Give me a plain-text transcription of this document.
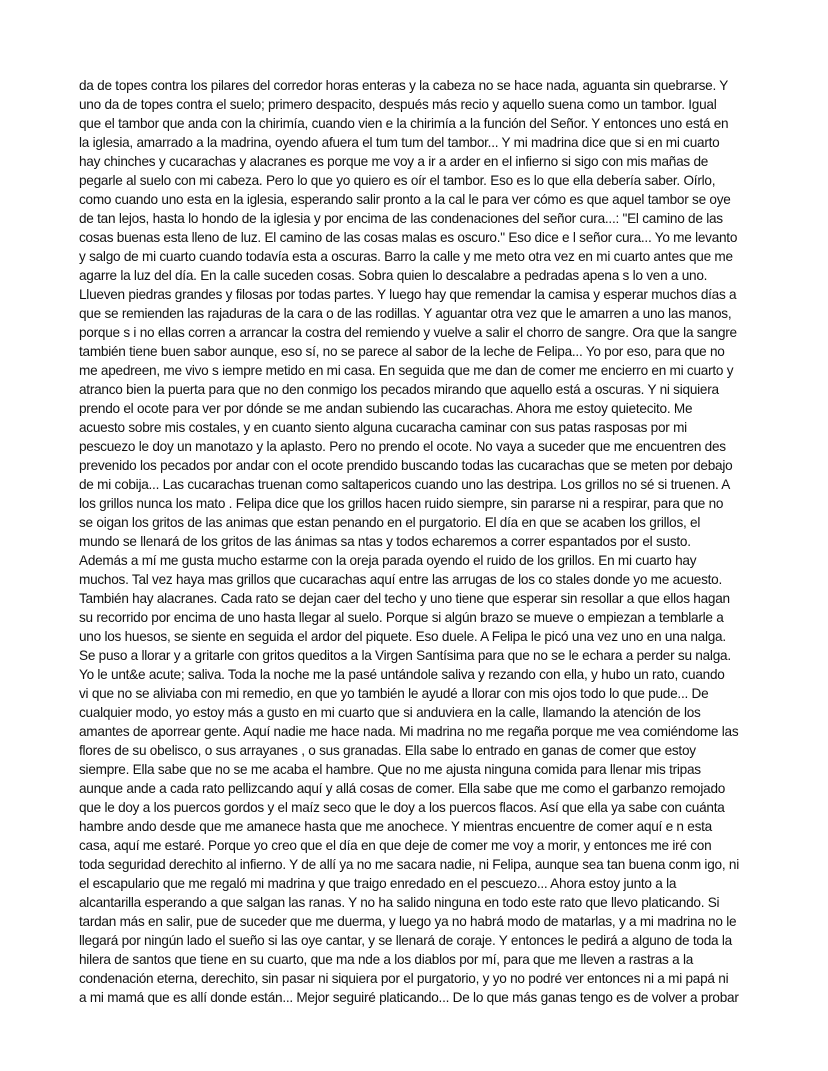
da de topes contra los pilares del corredor horas enteras y la cabeza no se hace nada, aguanta sin quebrarse. Y
uno da de topes contra el suelo; primero despacito, después más recio y aquello suena como un tambor. Igual
que el tambor que anda con la chirimía, cuando vien e la chirimía a la función del Señor. Y entonces uno está en
la iglesia, amarrado a la madrina, oyendo afuera el tum tum del tambor... Y mi madrina dice que si en mi cuarto
hay chinches y cucarachas y alacranes es porque me voy a ir a arder en el infierno si sigo con mis mañas de
pegarle al suelo con mi cabeza. Pero lo que yo quiero es oír el tambor. Eso es lo que ella debería saber. Oírlo,
como cuando uno esta en la iglesia, esperando salir pronto a la cal le para ver cómo es que aquel tambor se oye
de tan lejos, hasta lo hondo de la iglesia y por encima de las condenaciones del señor cura...: "El camino de las
cosas buenas esta lleno de luz. El camino de las cosas malas es oscuro." Eso dice e l señor cura... Yo me levanto
y salgo de mi cuarto cuando todavía esta a oscuras. Barro la calle y me meto otra vez en mi cuarto antes que me
agarre la luz del día. En la calle suceden cosas. Sobra quien lo descalabre a pedradas apena s lo ven a uno.
Llueven piedras grandes y filosas por todas partes. Y luego hay que remendar la camisa y esperar muchos días a
que se remienden las rajaduras de la cara o de las rodillas. Y aguantar otra vez que le amarren a uno las manos,
porque s i no ellas corren a arrancar la costra del remiendo y vuelve a salir el chorro de sangre. Ora que la sangre
también tiene buen sabor aunque, eso sí, no se parece al sabor de la leche de Felipa... Yo por eso, para que no
me apedreen, me vivo s iempre metido en mi casa. En seguida que me dan de comer me encierro en mi cuarto y
atranco bien la puerta para que no den conmigo los pecados mirando que aquello está a oscuras. Y ni siquiera
prendo el ocote para ver por dónde se me andan subiendo las cucarachas. Ahora me estoy quietecito. Me
acuesto sobre mis costales, y en cuanto siento alguna cucaracha caminar con sus patas rasposas por mi
pescuezo le doy un manotazo y la aplasto. Pero no prendo el ocote. No vaya a suceder que me encuentren des
prevenido los pecados por andar con el ocote prendido buscando todas las cucarachas que se meten por debajo
de mi cobija... Las cucarachas truenan como saltapericos cuando uno las destripa. Los grillos no sé si truenen. A
los grillos nunca los mato . Felipa dice que los grillos hacen ruido siempre, sin pararse ni a respirar, para que no
se oigan los gritos de las animas que estan penando en el purgatorio. El día en que se acaben los grillos, el
mundo se llenará de los gritos de las ánimas sa ntas y todos echaremos a correr espantados por el susto.
Además a mí me gusta mucho estarme con la oreja parada oyendo el ruido de los grillos. En mi cuarto hay
muchos. Tal vez haya mas grillos que cucarachas aquí entre las arrugas de los co stales donde yo me acuesto.
También hay alacranes. Cada rato se dejan caer del techo y uno tiene que esperar sin resollar a que ellos hagan
su recorrido por encima de uno hasta llegar al suelo. Porque si algún brazo se mueve o empiezan a temblarle a
uno los huesos, se siente en seguida el ardor del piquete. Eso duele. A Felipa le picó una vez uno en una nalga.
Se puso a llorar y a gritarle con gritos queditos a la Virgen Santísima para que no se le echara a perder su nalga.
Yo le unt&e acute; saliva. Toda la noche me la pasé untándole saliva y rezando con ella, y hubo un rato, cuando
vi que no se aliviaba con mi remedio, en que yo también le ayudé a llorar con mis ojos todo lo que pude... De
cualquier modo, yo estoy más a gusto en mi cuarto que si anduviera en la calle, llamando la atención de los
amantes de aporrear gente. Aquí nadie me hace nada. Mi madrina no me regaña porque me vea comiéndome las
flores de su obelisco, o sus arrayanes , o sus granadas. Ella sabe lo entrado en ganas de comer que estoy
siempre. Ella sabe que no se me acaba el hambre. Que no me ajusta ninguna comida para llenar mis tripas
aunque ande a cada rato pellizcando aquí y allá cosas de comer. Ella sabe que me como el garbanzo remojado
que le doy a los puercos gordos y el maíz seco que le doy a los puercos flacos. Así que ella ya sabe con cuánta
hambre ando desde que me amanece hasta que me anochece. Y mientras encuentre de comer aquí e n esta
casa, aquí me estaré. Porque yo creo que el día en que deje de comer me voy a morir, y entonces me iré con
toda seguridad derechito al infierno. Y de allí ya no me sacara nadie, ni Felipa, aunque sea tan buena conm igo, ni
el escapulario que me regaló mi madrina y que traigo enredado en el pescuezo... Ahora estoy junto a la
alcantarilla esperando a que salgan las ranas. Y no ha salido ninguna en todo este rato que llevo platicando. Si
tardan más en salir, pue de suceder que me duerma, y luego ya no habrá modo de matarlas, y a mi madrina no le
llegará por ningún lado el sueño si las oye cantar, y se llenará de coraje. Y entonces le pedirá a alguno de toda la
hilera de santos que tiene en su cuarto, que ma nde a los diablos por mí, para que me lleven a rastras a la
condenación eterna, derechito, sin pasar ni siquiera por el purgatorio, y yo no podré ver entonces ni a mi papá ni
a mi mamá que es allí donde están... Mejor seguiré platicando... De lo que más ganas tengo es de volver a probar
